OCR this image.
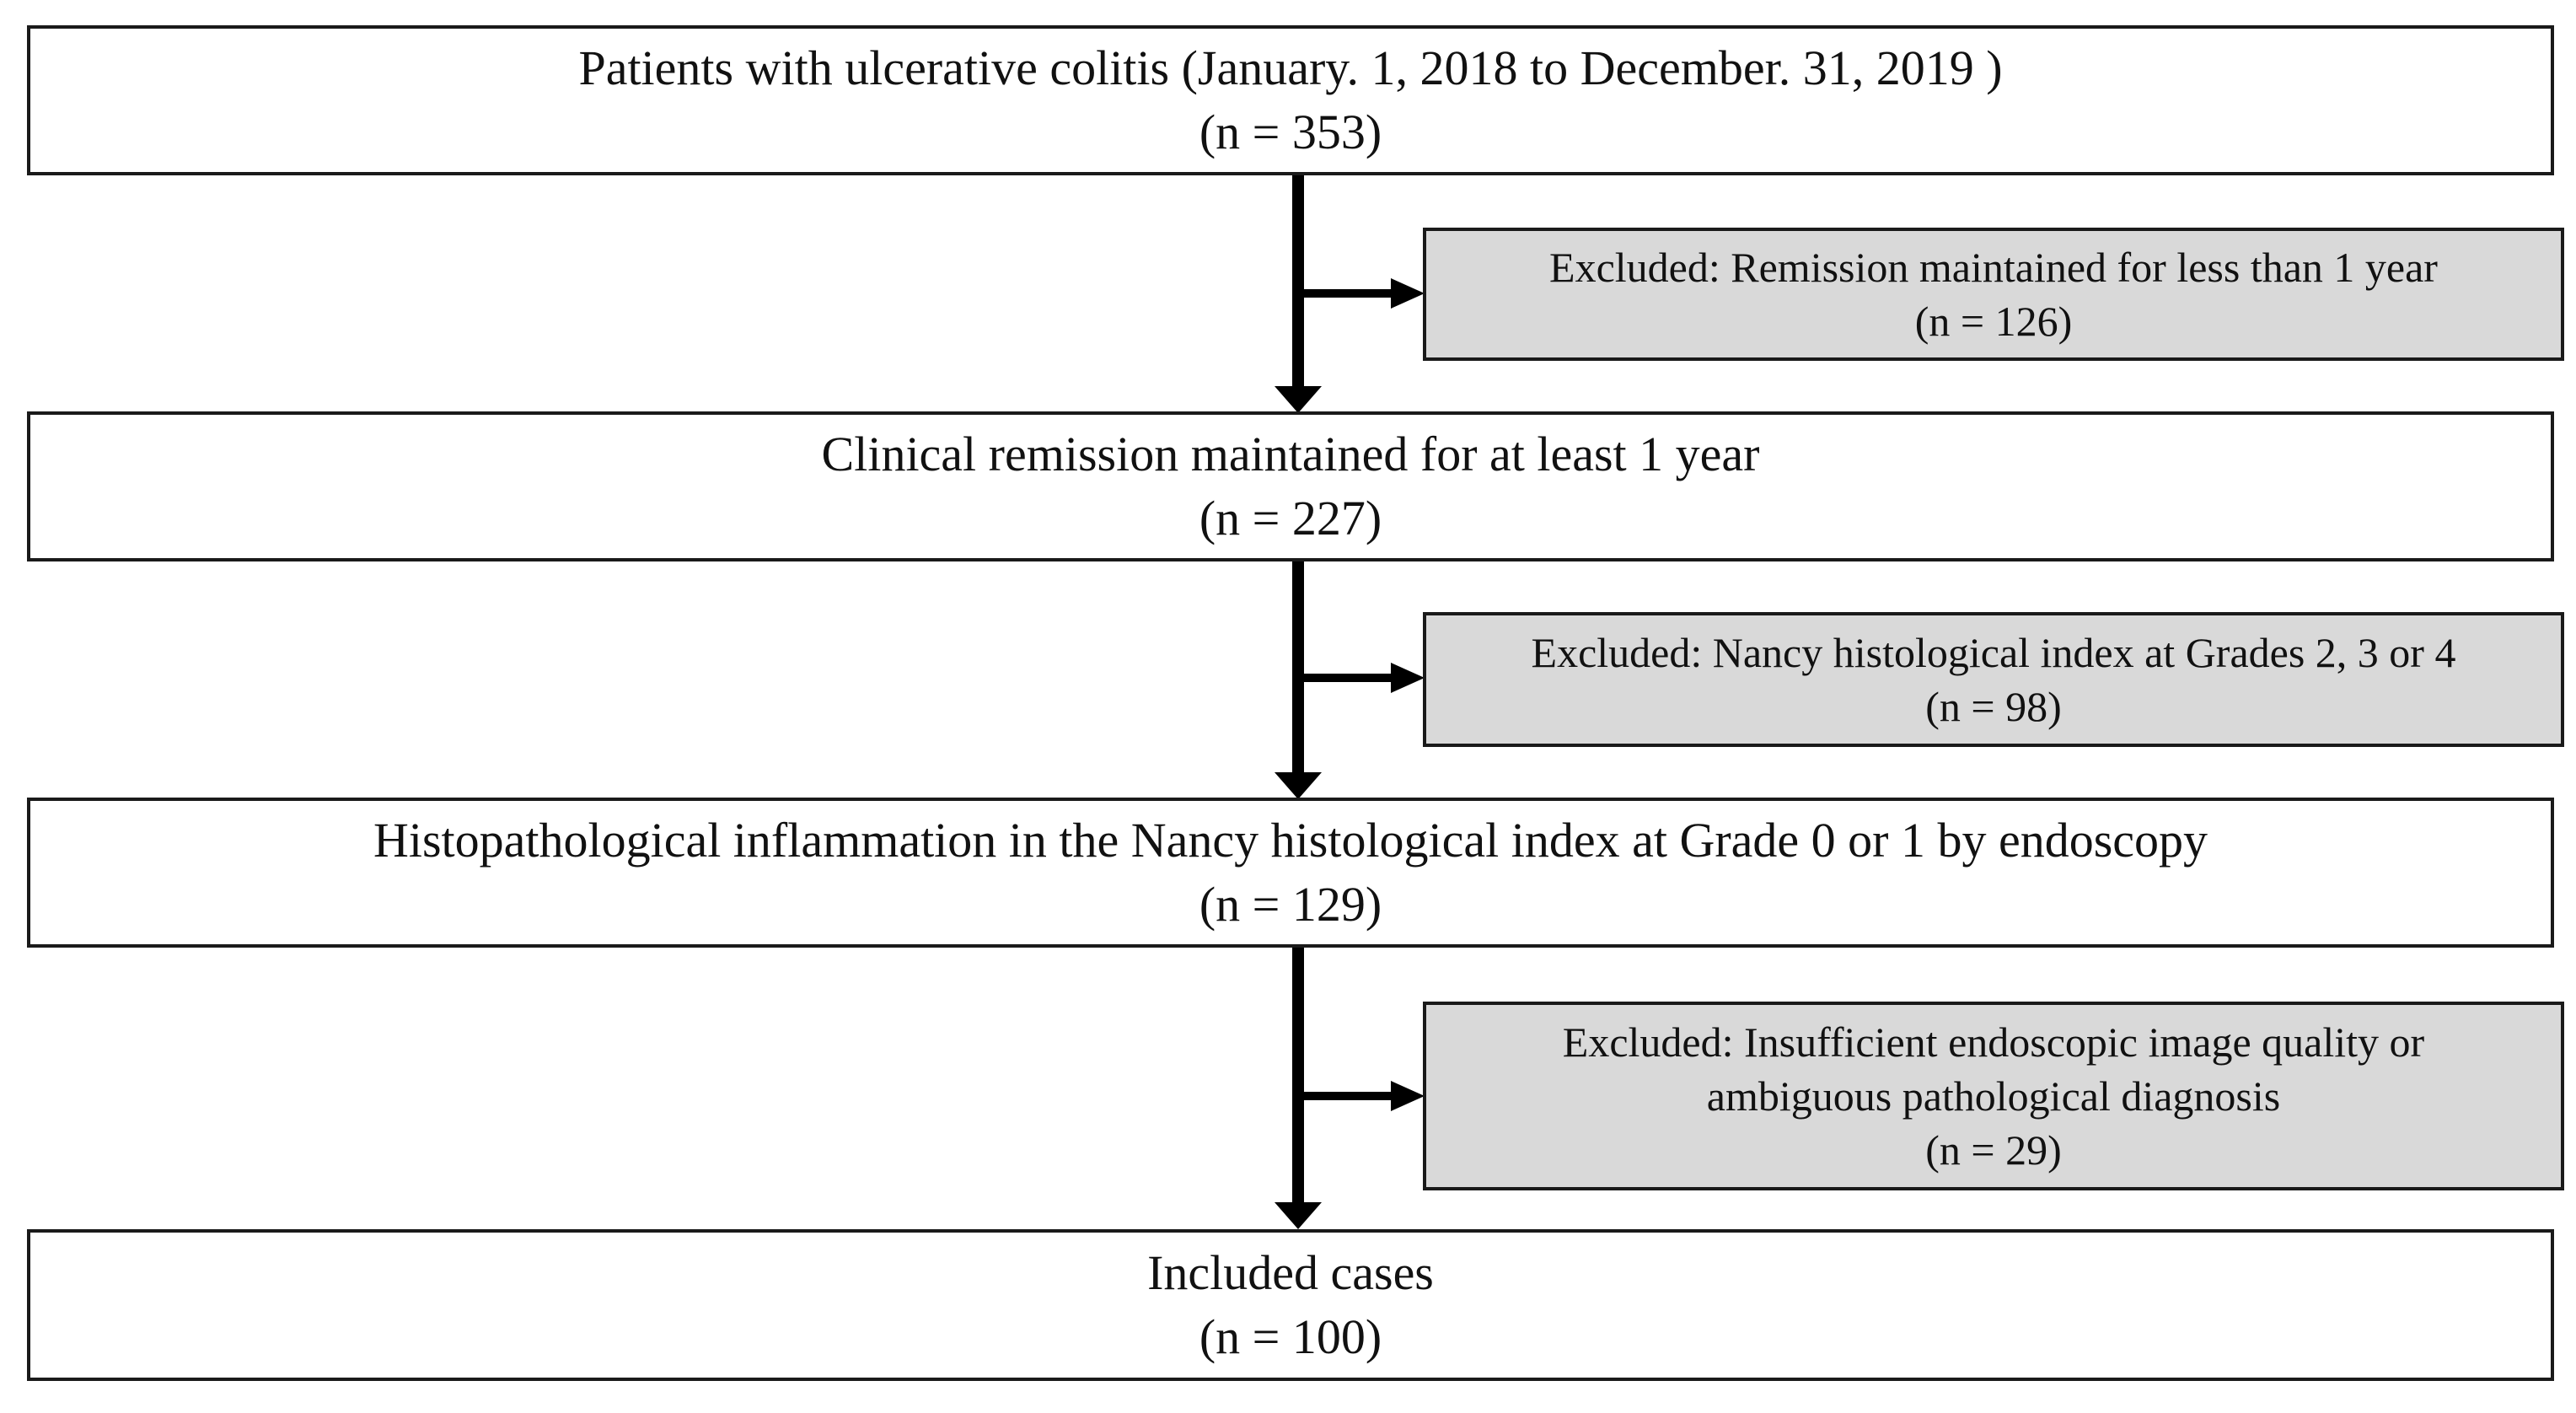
Patients with ulcerative colitis (January. 1, 2018 to December. 31, 2019 )
(n = 353)
Excluded: Remission maintained for less than 1 year
(n = 126)
Clinical remission maintained for at least 1 year
(n = 227)
Excluded: Nancy histological index at Grades 2, 3 or 4
(n = 98)
Histopathological inflammation in the Nancy histological index at Grade 0 or 1 by endoscopy
(n = 129)
Excluded: Insufficient endoscopic image quality or
ambiguous pathological diagnosis
(n = 29)
Included cases
(n = 100)
